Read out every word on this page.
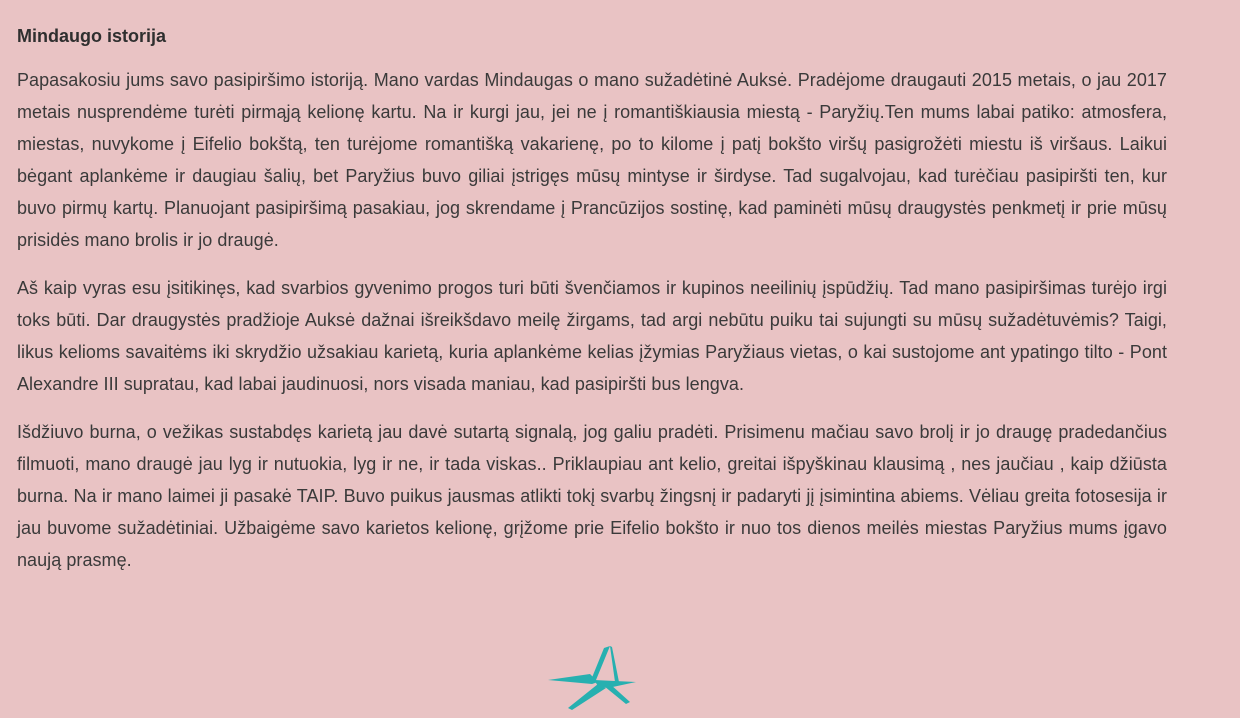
Mindaugo istorija

Papasakosiu jums savo pasipiršimo istoriją. Mano vardas Mindaugas o mano sužadėtinė Auksė. Pradėjome draugauti 2015 metais, o jau 2017 metais nusprendėme turėti pirmąją kelionę kartu. Na ir kurgi jau, jei ne į romantiškiausia miestą - Paryžių.Ten mums labai patiko: atmosfera, miestas, nuvykome į Eifelio bokštą, ten turėjome romantišką vakarienę, po to kilome į patį bokšto viršų pasigrožėti miestu iš viršaus. Laikui bėgant aplankėme ir daugiau šalių, bet Paryžius buvo giliai įstrigęs mūsų mintyse ir širdyse. Tad sugalvojau, kad turėčiau pasipiršti ten, kur buvo pirmų kartų. Planuojant pasipiršimą pasakiau, jog skrendame į Prancūzijos sostinę, kad paminėti mūsų draugystės penkmetį ir prie mūsų prisidės mano brolis ir jo draugė.

Aš kaip vyras esu įsitikinęs, kad svarbios gyvenimo progos turi būti švenčiamos ir kupinos neeilinių įspūdžių. Tad mano pasipiršimas turėjo irgi toks būti. Dar draugystės pradžioje Auksė dažnai išreikšdavo meilę žirgams, tad argi nebūtu puiku tai sujungti su mūsų sužadėtuvėmis? Taigi, likus kelioms savaitėms iki skrydžio užsakiau karietą, kuria aplankėme kelias įžymias Paryžiaus vietas, o kai sustojome ant ypatingo tilto - Pont Alexandre III supratau, kad labai jaudinuosi, nors visada maniau, kad pasipiršti bus lengva.

Išdžiuvo burna, o vežikas sustabdęs karietą jau davė sutartą signalą, jog galiu pradėti. Prisimenu mačiau savo brolį ir jo draugę pradedančius filmuoti, mano draugė jau lyg ir nutuokia, lyg ir ne, ir tada viskas.. Priklaupiau ant kelio, greitai išpyškinau klausimą , nes jaučiau , kaip džiūsta burna. Na ir mano laimei ji pasakė TAIP. Buvo puikus jausmas atlikti tokį svarbų žingsnį ir padaryti jį įsimintina abiems. Vėliau greita fotosesija ir jau buvome sužadėtiniai. Užbaigėme savo karietos kelionę, grįžome prie Eifelio bokšto ir nuo tos dienos meilės miestas Paryžius mums įgavo naują prasmę.
